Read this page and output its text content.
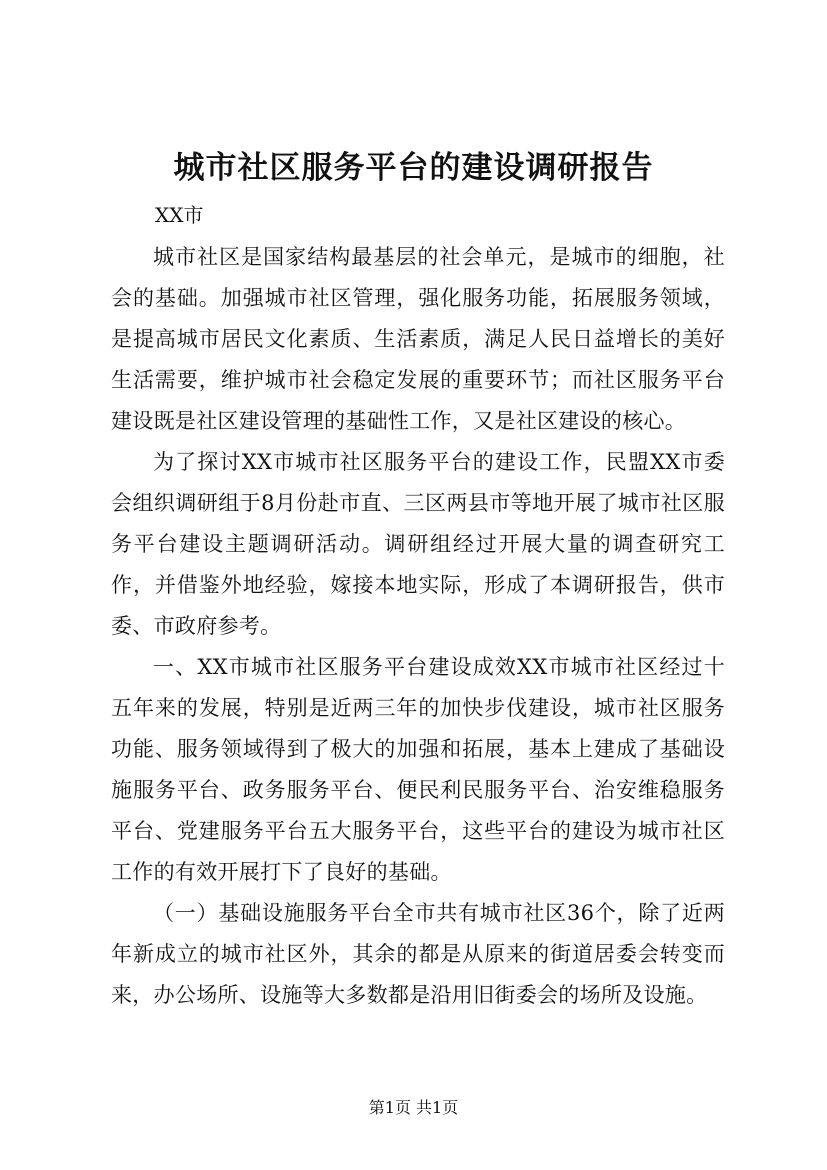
城市社区服务平台的建设调研报告

XX市

城市社区是国家结构最基层的社会单元，是城市的细胞，社会的基础。加强城市社区管理，强化服务功能，拓展服务领域，是提高城市居民文化素质、生活素质，满足人民日益增长的美好生活需要，维护城市社会稳定发展的重要环节；而社区服务平台建设既是社区建设管理的基础性工作，又是社区建设的核心。

为了探讨XX市城市社区服务平台的建设工作，民盟XX市委会组织调研组于8月份赴市直、三区两县市等地开展了城市社区服务平台建设主题调研活动。调研组经过开展大量的调查研究工作，并借鉴外地经验，嫁接本地实际，形成了本调研报告，供市委、市政府参考。

一、XX市城市社区服务平台建设成效XX市城市社区经过十五年来的发展，特别是近两三年的加快步伐建设，城市社区服务功能、服务领域得到了极大的加强和拓展，基本上建成了基础设施服务平台、政务服务平台、便民利民服务平台、治安维稳服务平台、党建服务平台五大服务平台，这些平台的建设为城市社区工作的有效开展打下了良好的基础。

（一）基础设施服务平台全市共有城市社区36个，除了近两年新成立的城市社区外，其余的都是从原来的街道居委会转变而来，办公场所、设施等大多数都是沿用旧街委会的场所及设施。

第1页 共1页
